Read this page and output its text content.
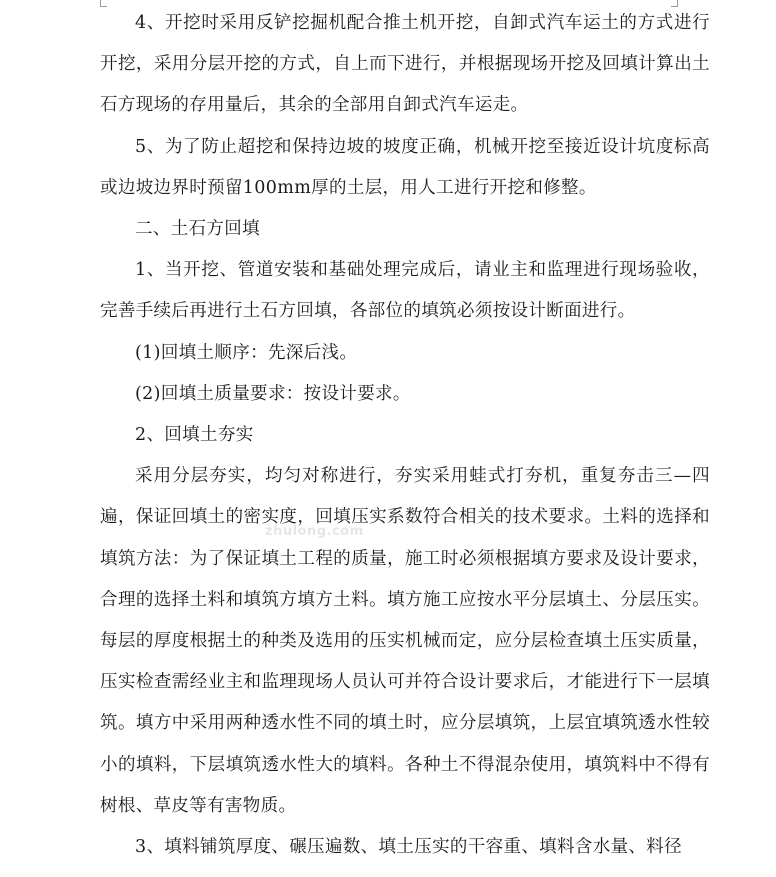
4、开挖时采用反铲挖掘机配合推土机开挖，自卸式汽车运土的方式进行开挖，采用分层开挖的方式，自上而下进行，并根据现场开挖及回填计算出土石方现场的存用量后，其余的全部用自卸式汽车运走。

5、为了防止超挖和保持边坡的坡度正确，机械开挖至接近设计坑度标高或边坡边界时预留100mm厚的土层，用人工进行开挖和修整。

二、土石方回填

1、当开挖、管道安装和基础处理完成后，请业主和监理进行现场验收，完善手续后再进行土石方回填，各部位的填筑必须按设计断面进行。

(1)回填土顺序：先深后浅。

(2)回填土质量要求：按设计要求。

2、回填土夯实

采用分层夯实，均匀对称进行，夯实采用蛙式打夯机，重复夯击三—四遍，保证回填土的密实度，回填压实系数符合相关的技术要求。土料的选择和填筑方法：为了保证填土工程的质量，施工时必须根据填方要求及设计要求，合理的选择土料和填筑方填方土料。填方施工应按水平分层填土、分层压实。每层的厚度根据土的种类及选用的压实机械而定，应分层检查填土压实质量，压实检查需经业主和监理现场人员认可并符合设计要求后，才能进行下一层填筑。填方中采用两种透水性不同的填土时，应分层填筑，上层宜填筑透水性较小的填料，下层填筑透水性大的填料。各种土不得混杂使用，填筑料中不得有树根、草皮等有害物质。

3、填料铺筑厚度、碾压遍数、填土压实的干容重、填料含水量、料径

zhulong.com
